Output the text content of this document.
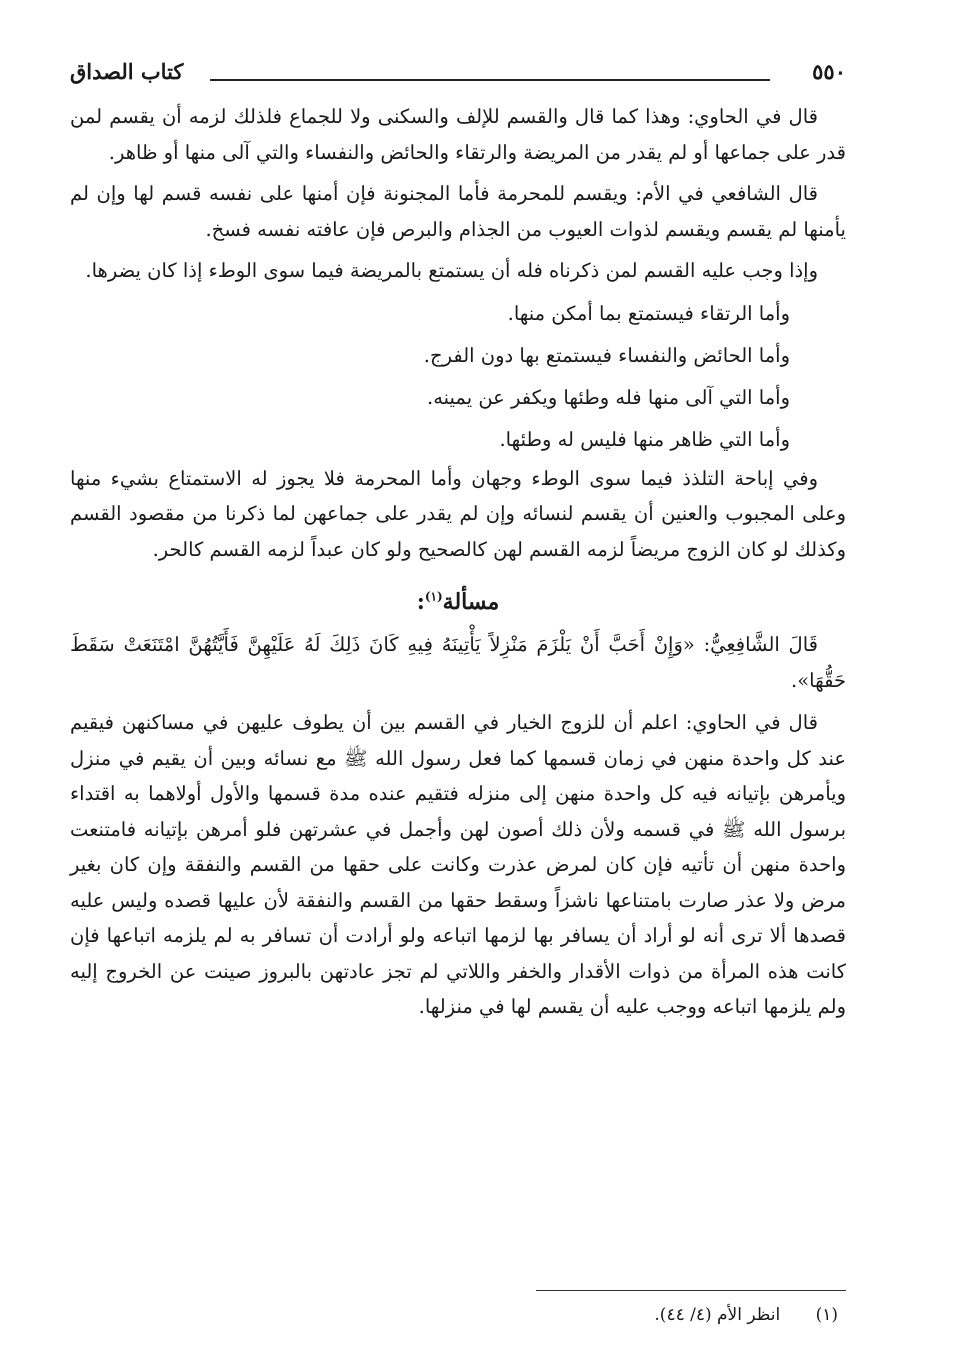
٥٥٠
كتاب الصداق

قال في الحاوي: وهذا كما قال والقسم للإلف والسكنى ولا للجماع فلذلك لزمه أن يقسم لمن قدر على جماعها أو لم يقدر من المريضة والرتقاء والحائض والنفساء والتي آلى منها أو ظاهر.

قال الشافعي في الأم: ويقسم للمحرمة فأما المجنونة فإن أمنها على نفسه قسم لها وإن لم يأمنها لم يقسم ويقسم لذوات العيوب من الجذام والبرص فإن عافته نفسه فسخ.

وإذا وجب عليه القسم لمن ذكرناه فله أن يستمتع بالمريضة فيما سوى الوطء إذا كان يضرها.

وأما الرتقاء فيستمتع بما أمكن منها.

وأما الحائض والنفساء فيستمتع بها دون الفرج.

وأما التي آلى منها فله وطئها ويكفر عن يمينه.

وأما التي ظاهر منها فليس له وطئها.

وفي إباحة التلذذ فيما سوى الوطء وجهان وأما المحرمة فلا يجوز له الاستمتاع بشيء منها وعلى المجبوب والعنين أن يقسم لنسائه وإن لم يقدر على جماعهن لما ذكرنا من مقصود القسم وكذلك لو كان الزوج مريضاً لزمه القسم لهن كالصحيح ولو كان عبداً لزمه القسم كالحر.

مسألة$^{(١)}$:

قَالَ الشَّافِعِيُّ: «وَإِنْ أَحَبَّ أَنْ يَلْزَمَ مَنْزِلاً يَأْتِينَهُ فِيهِ كَانَ ذَلِكَ لَهُ عَلَيْهِنَّ فَأَيَّتُهُنَّ امْتَنَعَتْ سَقَطَ حَقُّهَا».

قال في الحاوي: اعلم أن للزوج الخيار في القسم بين أن يطوف عليهن في مساكنهن فيقيم عند كل واحدة منهن في زمان قسمها كما فعل رسول الله ﷺ مع نسائه وبين أن يقيم في منزل ويأمرهن بإتيانه فيه كل واحدة منهن إلى منزله فتقيم عنده مدة قسمها والأول أولاهما به اقتداء برسول الله ﷺ في قسمه ولأن ذلك أصون لهن وأجمل في عشرتهن فلو أمرهن بإتيانه فامتنعت واحدة منهن أن تأتيه فإن كان لمرض عذرت وكانت على حقها من القسم والنفقة وإن كان بغير مرض ولا عذر صارت بامتناعها ناشزاً وسقط حقها من القسم والنفقة لأن عليها قصده وليس عليه قصدها ألا ترى أنه لو أراد أن يسافر بها لزمها اتباعه ولو أرادت أن تسافر به لم يلزمه اتباعها فإن كانت هذه المرأة من ذوات الأقدار والخفر واللاتي لم تجز عادتهن بالبروز صينت عن الخروج إليه ولم يلزمها اتباعه ووجب عليه أن يقسم لها في منزلها.

(١) انظر الأم (٤/ ٤٤).
